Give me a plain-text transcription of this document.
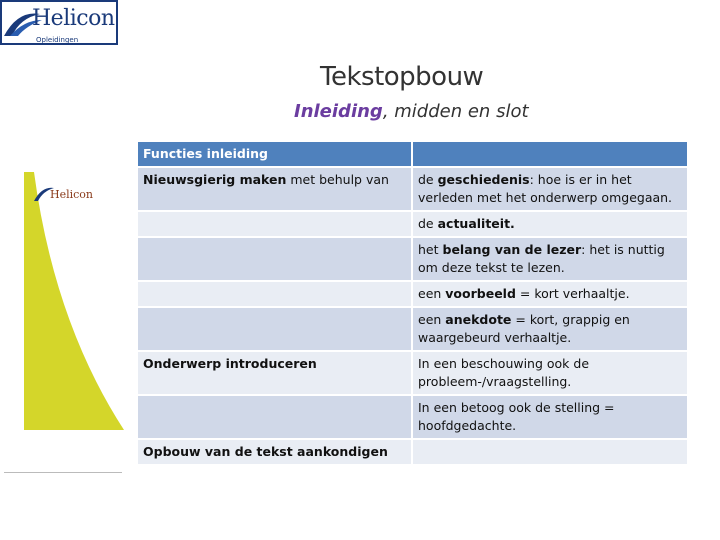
Helicon
Opleidingen
Helicon
Tekstopbouw
Inleiding, midden en slot
Functies inleiding	
Nieuwsgierig maken met behulp van	de geschiedenis: hoe is er in het verleden met het onderwerp omgegaan.
	de actualiteit.
	het belang van de lezer: het is nuttig om deze tekst te lezen.
	een voorbeeld = kort verhaaltje.
	een anekdote = kort, grappig en waargebeurd verhaaltje.
Onderwerp introduceren	In een beschouwing ook de probleem-/vraagstelling.
	In een betoog ook de stelling = hoofdgedachte.
Opbouw van de tekst aankondigen	
